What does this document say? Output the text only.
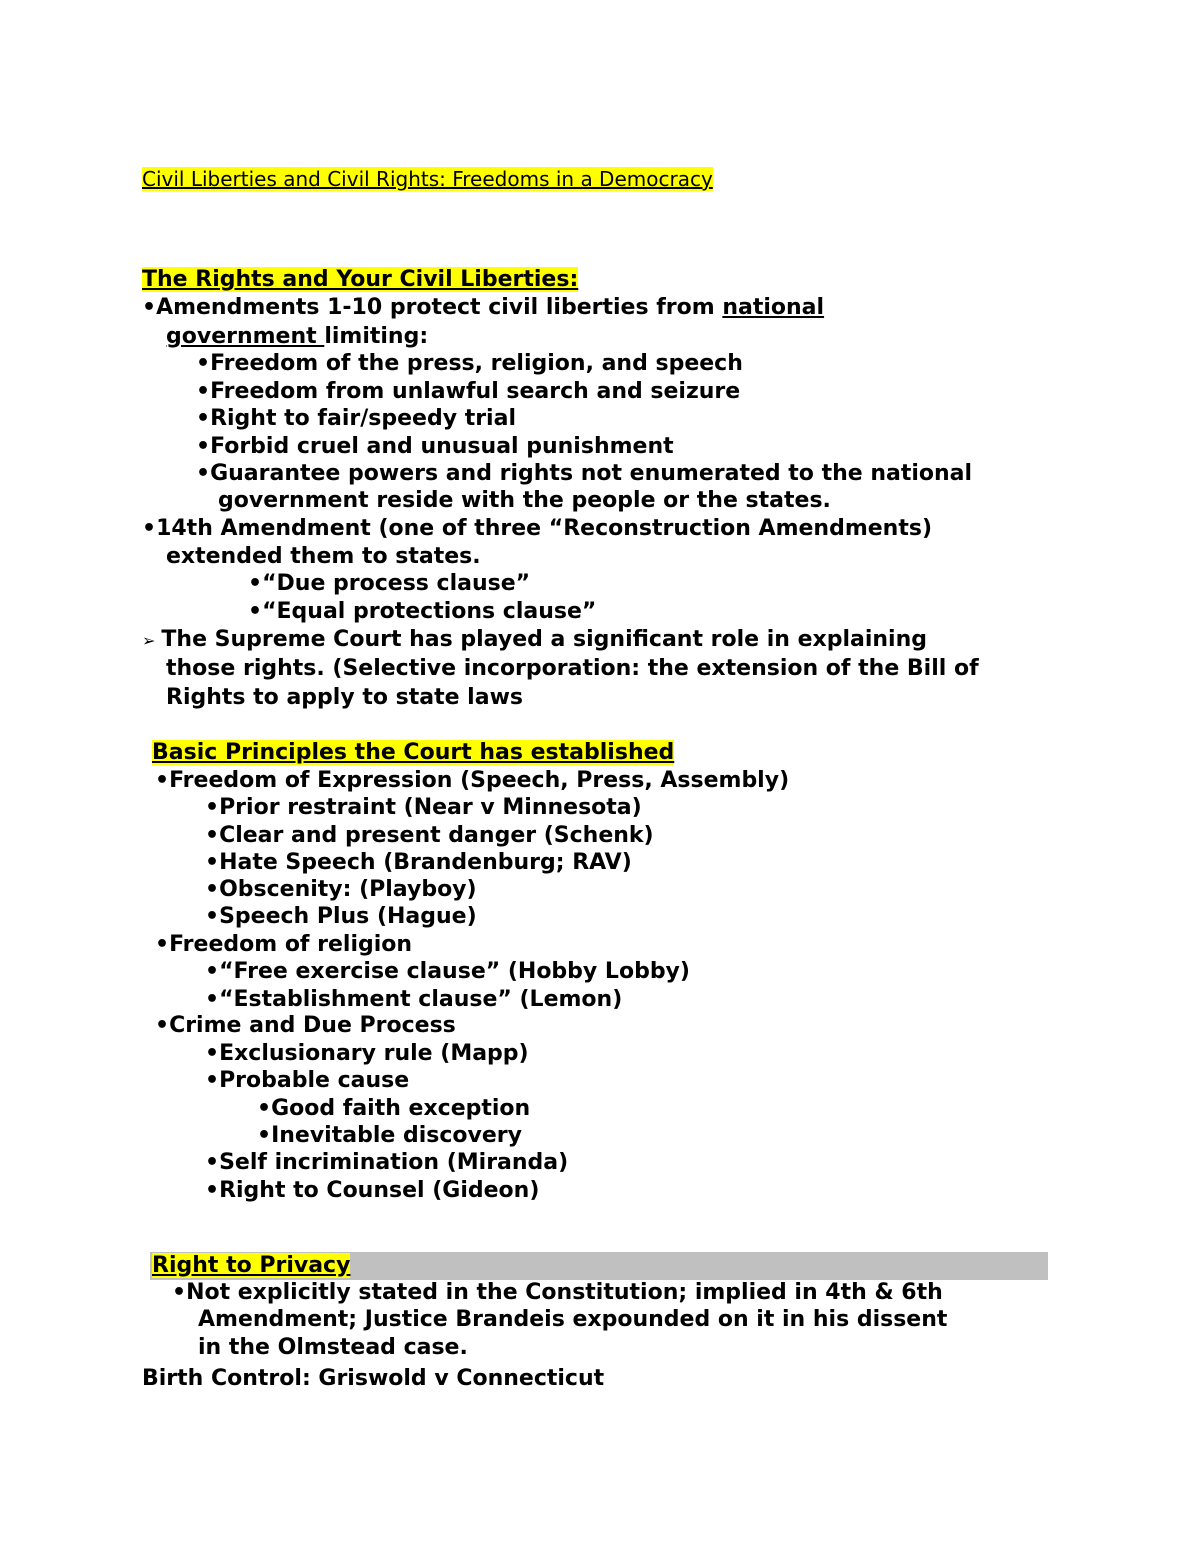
Civil Liberties and Civil Rights: Freedoms in a Democracy
The Rights and Your Civil Liberties:
•Amendments 1-10 protect civil liberties from national
government limiting:
•Freedom of the press, religion, and speech
•Freedom from unlawful search and seizure
•Right to fair/speedy trial
•Forbid cruel and unusual punishment
•Guarantee powers and rights not enumerated to the national
government reside with the people or the states.
•14th Amendment (one of three “Reconstruction Amendments)
extended them to states.
•“Due process clause”
•“Equal protections clause”
➢ The Supreme Court has played a significant role in explaining
those rights. (Selective incorporation: the extension of the Bill of
Rights to apply to state laws
Basic Principles the Court has established
•Freedom of Expression (Speech, Press, Assembly)
•Prior restraint (Near v Minnesota)
•Clear and present danger (Schenk)
•Hate Speech (Brandenburg; RAV)
•Obscenity: (Playboy)
•Speech Plus (Hague)
•Freedom of religion
•“Free exercise clause” (Hobby Lobby)
•“Establishment clause” (Lemon)
•Crime and Due Process
•Exclusionary rule (Mapp)
•Probable cause
•Good faith exception
•Inevitable discovery
•Self incrimination (Miranda)
•Right to Counsel (Gideon)
Right to Privacy
•Not explicitly stated in the Constitution; implied in 4th & 6th
Amendment; Justice Brandeis expounded on it in his dissent
in the Olmstead case.
Birth Control: Griswold v Connecticut
